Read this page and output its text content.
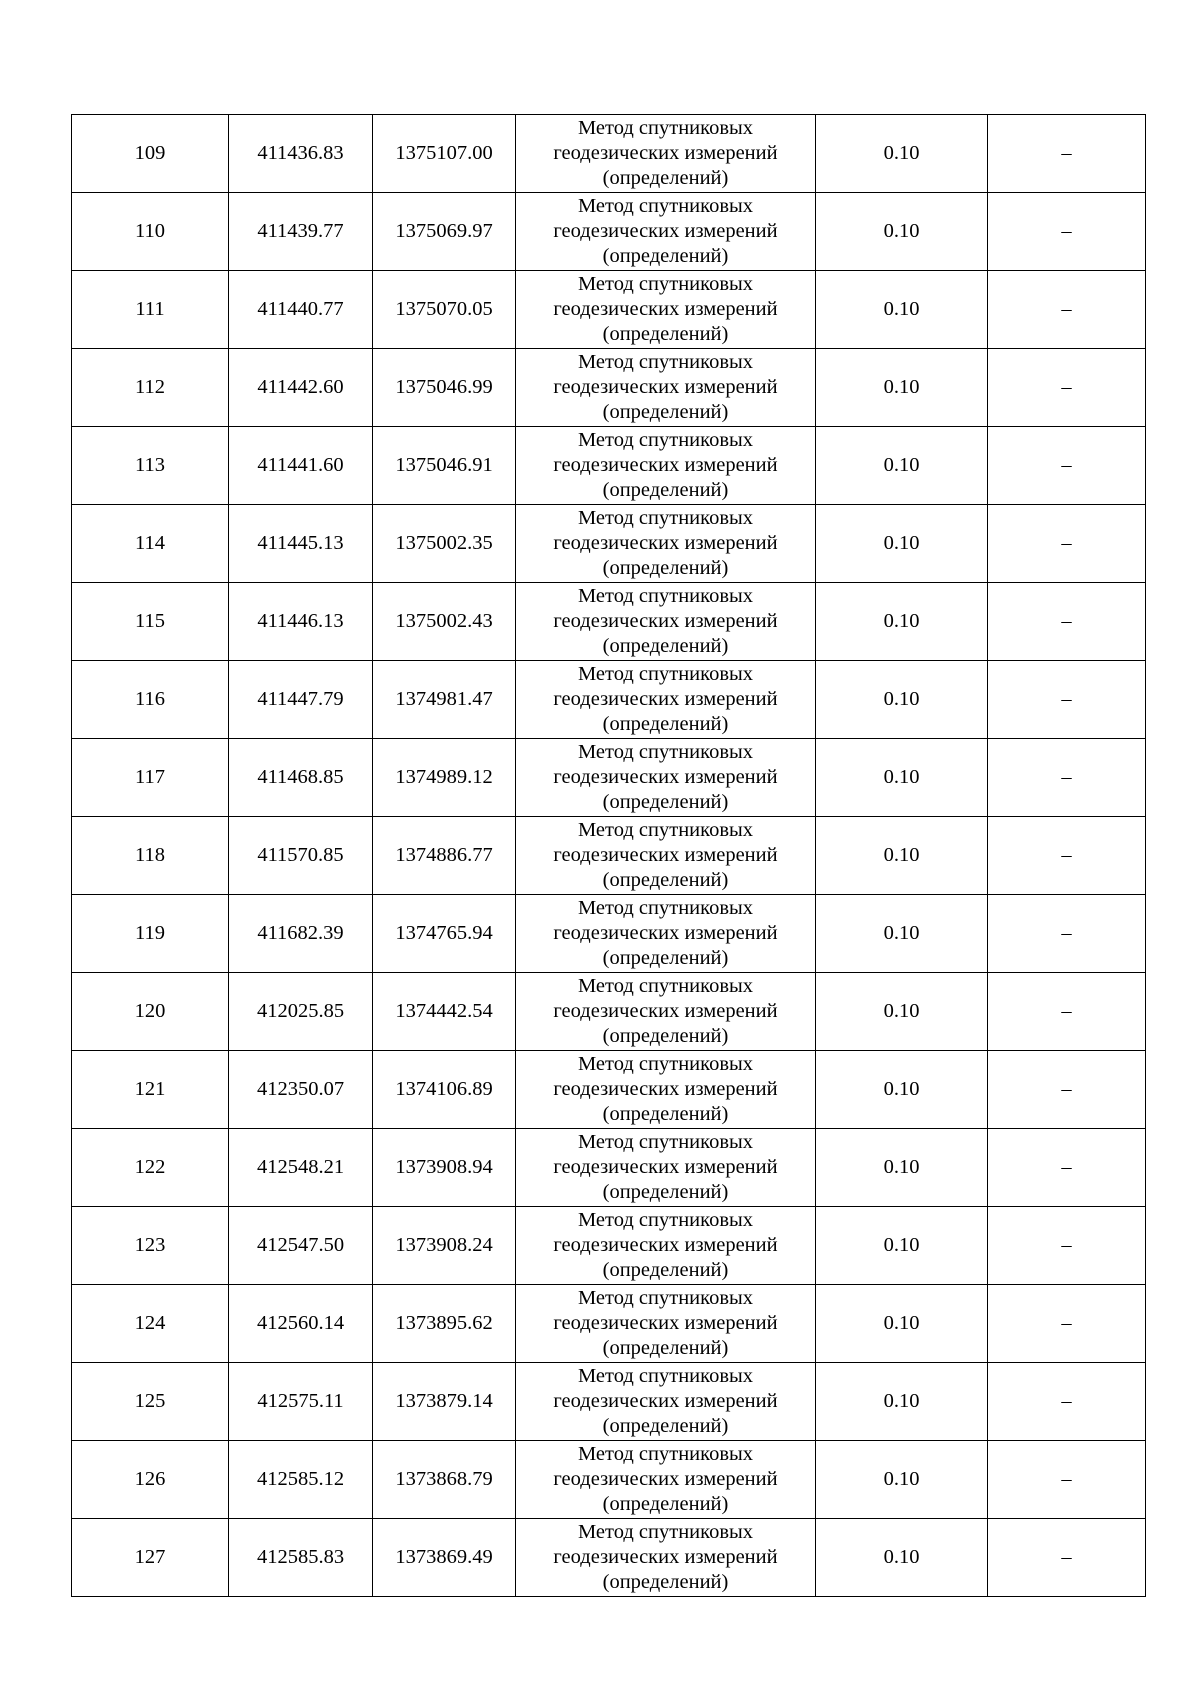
109	411436.83	1375107.00	Метод спутниковых
геодезических измерений
(определений)	0.10	–
110	411439.77	1375069.97	Метод спутниковых
геодезических измерений
(определений)	0.10	–
111	411440.77	1375070.05	Метод спутниковых
геодезических измерений
(определений)	0.10	–
112	411442.60	1375046.99	Метод спутниковых
геодезических измерений
(определений)	0.10	–
113	411441.60	1375046.91	Метод спутниковых
геодезических измерений
(определений)	0.10	–
114	411445.13	1375002.35	Метод спутниковых
геодезических измерений
(определений)	0.10	–
115	411446.13	1375002.43	Метод спутниковых
геодезических измерений
(определений)	0.10	–
116	411447.79	1374981.47	Метод спутниковых
геодезических измерений
(определений)	0.10	–
117	411468.85	1374989.12	Метод спутниковых
геодезических измерений
(определений)	0.10	–
118	411570.85	1374886.77	Метод спутниковых
геодезических измерений
(определений)	0.10	–
119	411682.39	1374765.94	Метод спутниковых
геодезических измерений
(определений)	0.10	–
120	412025.85	1374442.54	Метод спутниковых
геодезических измерений
(определений)	0.10	–
121	412350.07	1374106.89	Метод спутниковых
геодезических измерений
(определений)	0.10	–
122	412548.21	1373908.94	Метод спутниковых
геодезических измерений
(определений)	0.10	–
123	412547.50	1373908.24	Метод спутниковых
геодезических измерений
(определений)	0.10	–
124	412560.14	1373895.62	Метод спутниковых
геодезических измерений
(определений)	0.10	–
125	412575.11	1373879.14	Метод спутниковых
геодезических измерений
(определений)	0.10	–
126	412585.12	1373868.79	Метод спутниковых
геодезических измерений
(определений)	0.10	–
127	412585.83	1373869.49	Метод спутниковых
геодезических измерений
(определений)	0.10	–
